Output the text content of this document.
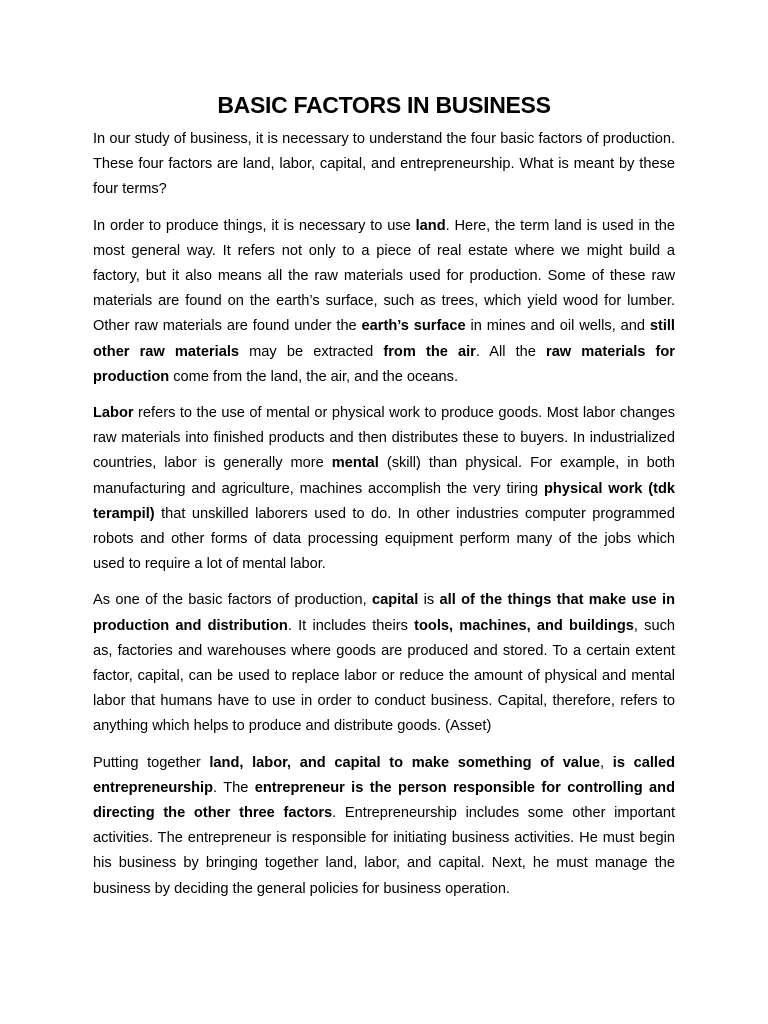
BASIC FACTORS IN BUSINESS

In our study of business, it is necessary to understand the four basic factors of production. These four factors are land, labor, capital, and entrepreneurship. What is meant by these four terms?

In order to produce things, it is necessary to use land. Here, the term land is used in the most general way. It refers not only to a piece of real estate where we might build a factory, but it also means all the raw materials used for production. Some of these raw materials are found on the earth’s surface, such as trees, which yield wood for lumber. Other raw materials are found under the earth’s surface in mines and oil wells, and still other raw materials may be extracted from the air. All the raw materials for production come from the land, the air, and the oceans.

Labor refers to the use of mental or physical work to produce goods. Most labor changes raw materials into finished products and then distributes these to buyers. In industrialized countries, labor is generally more mental (skill) than physical. For example, in both manufacturing and agriculture, machines accomplish the very tiring physical work (tdk terampil) that unskilled laborers used to do. In other industries computer programmed robots and other forms of data processing equipment perform many of the jobs which used to require a lot of mental labor.

As one of the basic factors of production, capital is all of the things that make use in production and distribution. It includes theirs tools, machines, and buildings, such as, factories and warehouses where goods are produced and stored. To a certain extent factor, capital, can be used to replace labor or reduce the amount of physical and mental labor that humans have to use in order to conduct business. Capital, therefore, refers to anything which helps to produce and distribute goods. (Asset)

Putting together land, labor, and capital to make something of value, is called entrepreneurship. The entrepreneur is the person responsible for controlling and directing the other three factors. Entrepreneurship includes some other important activities. The entrepreneur is responsible for initiating business activities. He must begin his business by bringing together land, labor, and capital. Next, he must manage the business by deciding the general policies for business operation.
